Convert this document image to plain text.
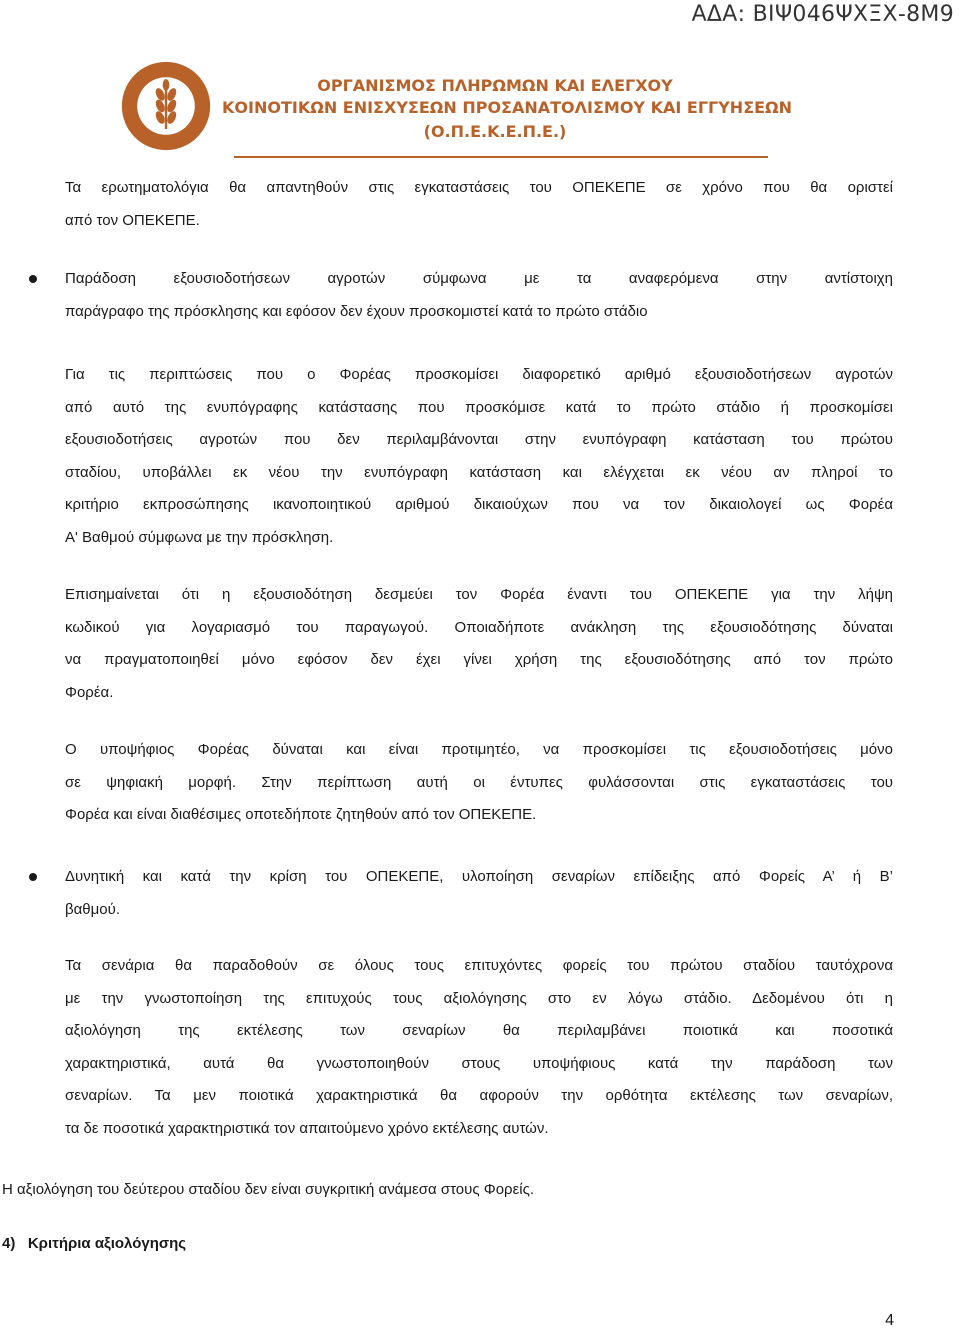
ΑΔΑ: ΒΙΨ046ΨΧΞΧ-8Μ9
ΟΡΓΑΝΙΣΜΟΣ ΠΛΗΡΩΜΩΝ ΚΑΙ ΕΛΕΓΧΟΥ
ΚΟΙΝΟΤΙΚΩΝ ΕΝΙΣΧΥΣΕΩΝ ΠΡΟΣΑΝΑΤΟΛΙΣΜΟΥ ΚΑΙ ΕΓΓΥΗΣΕΩΝ
(Ο.Π.Ε.Κ.Ε.Π.Ε.)
Τα ερωτηματολόγια θα απαντηθούν στις εγκαταστάσεις του ΟΠΕΚΕΠΕ σε χρόνο που θα οριστεί
από τον ΟΠΕΚΕΠΕ.
Παράδοση εξουσιοδοτήσεων αγροτών σύμφωνα με τα αναφερόμενα στην αντίστοιχη
παράγραφο της πρόσκλησης και εφόσον δεν έχουν προσκομιστεί κατά το πρώτο στάδιο
Για τις περιπτώσεις που ο Φορέας προσκομίσει διαφορετικό αριθμό εξουσιοδοτήσεων αγροτών
από αυτό της ενυπόγραφης κατάστασης που προσκόμισε κατά το πρώτο στάδιο ή προσκομίσει
εξουσιοδοτήσεις αγροτών που δεν περιλαμβάνονται στην ενυπόγραφη κατάσταση του πρώτου
σταδίου, υποβάλλει εκ νέου την ενυπόγραφη κατάσταση και ελέγχεται εκ νέου αν πληροί το
κριτήριο εκπροσώπησης ικανοποιητικού αριθμού δικαιούχων που να τον δικαιολογεί ως Φορέα
Α' Βαθμού σύμφωνα με την πρόσκληση.
Επισημαίνεται ότι η εξουσιοδότηση δεσμεύει τον Φορέα έναντι του ΟΠΕΚΕΠΕ για την λήψη
κωδικού για λογαριασμό του παραγωγού. Οποιαδήποτε ανάκληση της εξουσιοδότησης δύναται
να πραγματοποιηθεί μόνο εφόσον δεν έχει γίνει χρήση της εξουσιοδότησης από τον πρώτο
Φορέα.
Ο υποψήφιος Φορέας δύναται και είναι προτιμητέο, να προσκομίσει τις εξουσιοδοτήσεις μόνο
σε ψηφιακή μορφή. Στην περίπτωση αυτή οι έντυπες φυλάσσονται στις εγκαταστάσεις του
Φορέα και είναι διαθέσιμες οποτεδήποτε ζητηθούν από τον ΟΠΕΚΕΠΕ.
Δυνητική και κατά την κρίση του ΟΠΕΚΕΠΕ, υλοποίηση σεναρίων επίδειξης από Φορείς Α’ ή Β’
βαθμού.
Τα σενάρια θα παραδοθούν σε όλους τους επιτυχόντες φορείς του πρώτου σταδίου ταυτόχρονα
με την γνωστοποίηση της επιτυχούς τους αξιολόγησης στο εν λόγω στάδιο. Δεδομένου ότι η
αξιολόγηση της εκτέλεσης των σεναρίων θα περιλαμβάνει ποιοτικά και ποσοτικά
χαρακτηριστικά, αυτά θα γνωστοποιηθούν στους υποψήφιους κατά την παράδοση των
σεναρίων. Τα μεν ποιοτικά χαρακτηριστικά θα αφορούν την ορθότητα εκτέλεσης των σεναρίων,
τα δε ποσοτικά χαρακτηριστικά τον απαιτούμενο χρόνο εκτέλεσης αυτών.
Η αξιολόγηση του δεύτερου σταδίου δεν είναι συγκριτική ανάμεσα στους Φορείς.
4)   Κριτήρια αξιολόγησης
4
